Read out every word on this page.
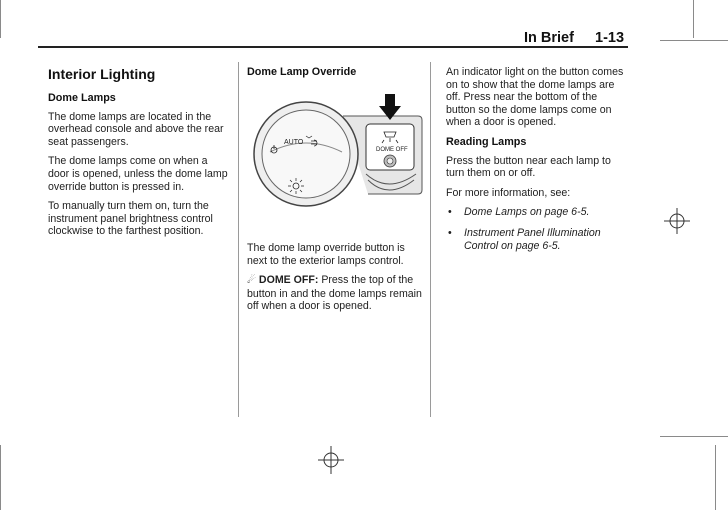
In Brief 1-13
Interior Lighting
Dome Lamps

The dome lamps are located in the overhead console and above the rear seat passengers.

The dome lamps come on when a door is opened, unless the dome lamp override button is pressed in.

To manually turn them on, turn the instrument panel brightness control clockwise to the farthest position.

Dome Lamp Override
AUTO
DOME OFF

The dome lamp override button is next to the exterior lamps control.

☄ DOME OFF: Press the top of the button in and the dome lamps remain off when a door is opened.

An indicator light on the button comes on to show that the dome lamps are off. Press near the bottom of the button so the dome lamps come on when a door is opened.

Reading Lamps

Press the button near each lamp to turn them on or off.

For more information, see:

• Dome Lamps on page 6-5.
• Instrument Panel Illumination Control on page 6-5.
